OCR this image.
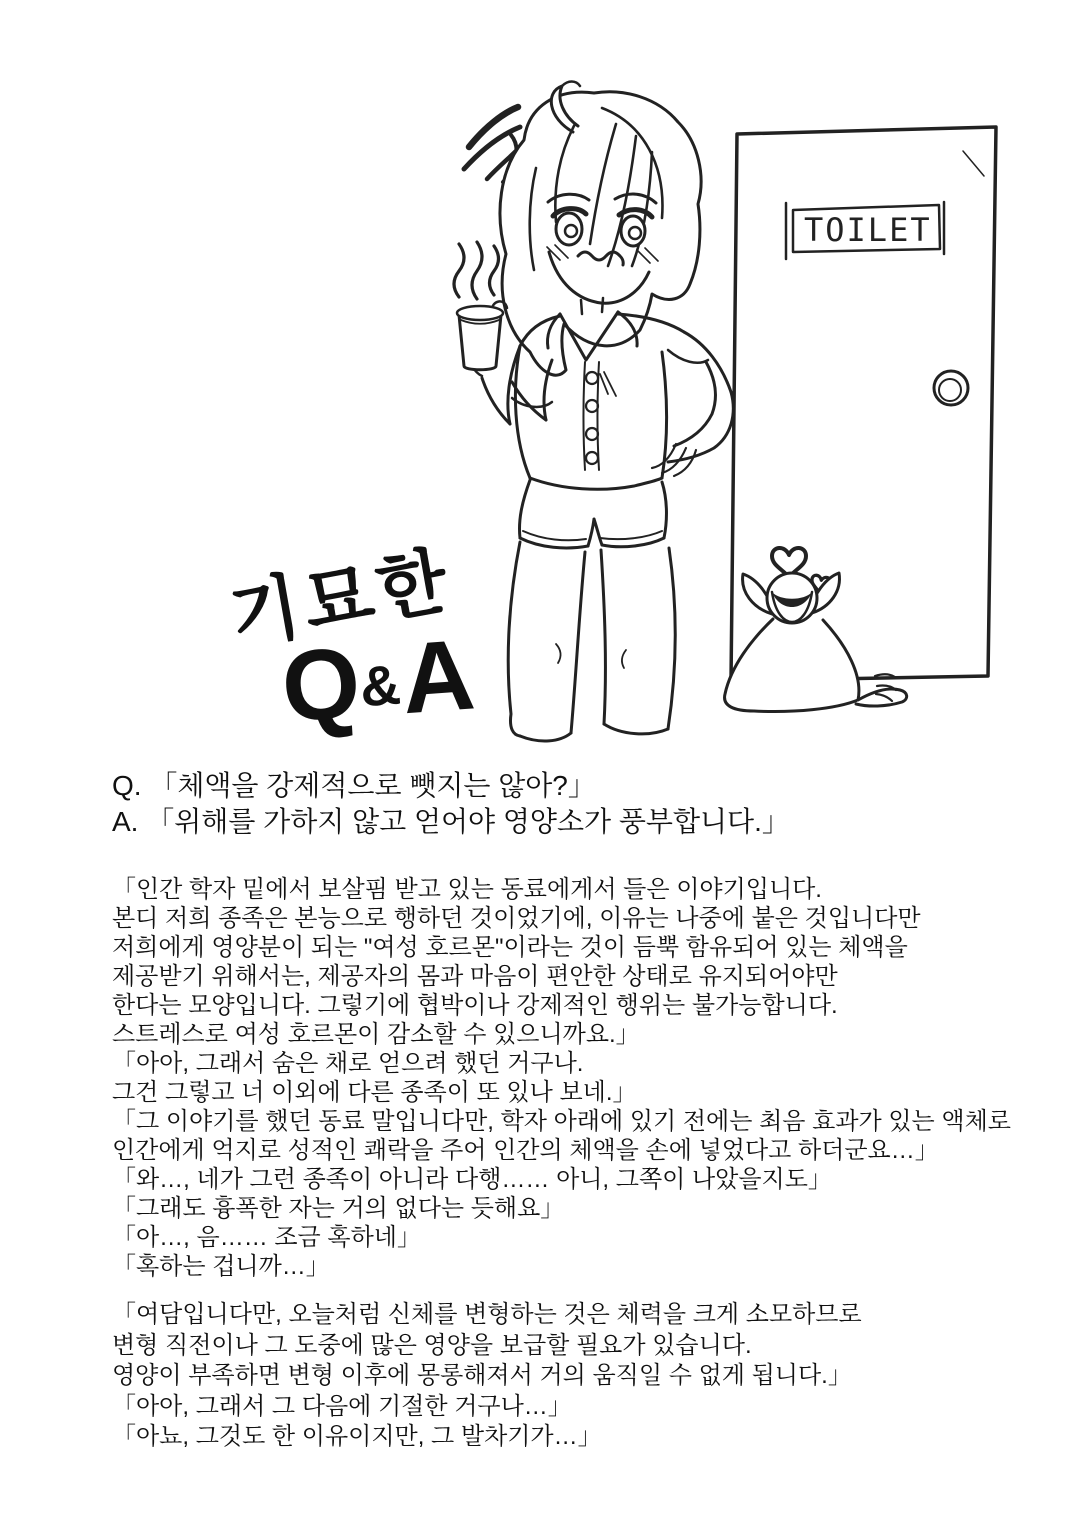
TOILET
기묘한
Q&A
Q. 「체액을 강제적으로 뺏지는 않아?」
A. 「위해를 가하지 않고 얻어야 영양소가 풍부합니다.」
「인간 학자 밑에서 보살핌 받고 있는 동료에게서 들은 이야기입니다.
본디 저희 종족은 본능으로 행하던 것이었기에, 이유는 나중에 붙은 것입니다만
저희에게 영양분이 되는 "여성 호르몬"이라는 것이 듬뿍 함유되어 있는 체액을
제공받기 위해서는, 제공자의 몸과 마음이 편안한 상태로 유지되어야만
한다는 모양입니다. 그렇기에 협박이나 강제적인 행위는 불가능합니다.
스트레스로 여성 호르몬이 감소할 수 있으니까요.」
「아아, 그래서 숨은 채로 얻으려 했던 거구나.
그건 그렇고 너 이외에 다른 종족이 또 있나 보네.」
「그 이야기를 했던 동료 말입니다만, 학자 아래에 있기 전에는 최음 효과가 있는 액체로
인간에게 억지로 성적인 쾌락을 주어 인간의 체액을 손에 넣었다고 하더군요…」
「와…, 네가 그런 종족이 아니라 다행…… 아니, 그쪽이 나았을지도」
「그래도 흉폭한 자는 거의 없다는 듯해요」
「아…, 음…… 조금 혹하네」
「혹하는 겁니까…」
「여담입니다만, 오늘처럼 신체를 변형하는 것은 체력을 크게 소모하므로
변형 직전이나 그 도중에 많은 영양을 보급할 필요가 있습니다.
영양이 부족하면 변형 이후에 몽롱해져서 거의 움직일 수 없게 됩니다.」
「아아, 그래서 그 다음에 기절한 거구나…」
「아뇨, 그것도 한 이유이지만, 그 발차기가…」
